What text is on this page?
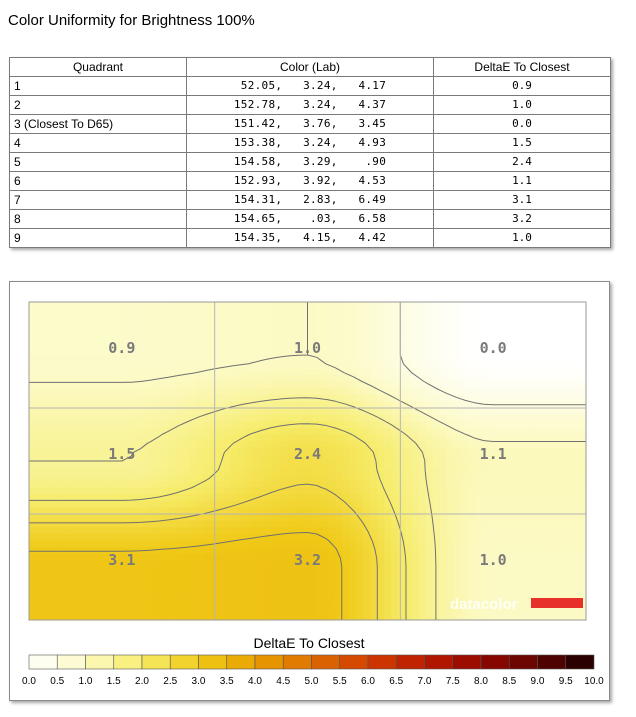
Color Uniformity for Brightness 100%
Quadrant	Color (Lab)	DeltaE To Closest
1	52.05,   3.24,   4.17	0.9
2	152.78,   3.24,   4.37	1.0
3 (Closest To D65)	151.42,   3.76,   3.45	0.0
4	153.38,   3.24,   4.93	1.5
5	154.58,   3.29,    .90	2.4
6	152.93,   3.92,   4.53	1.1
7	154.31,   2.83,   6.49	3.1
8	154.65,    .03,   6.58	3.2
9	154.35,   4.15,   4.42	1.0
0.9	1.0	0.0
1.5	2.4	1.1
3.1	3.2	1.0
datacolor
DeltaE To Closest
0.0 0.5 1.0 1.5 2.0 2.5 3.0 3.5 4.0 4.5 5.0 5.5 6.0 6.5 7.0 7.5 8.0 8.5 9.0 9.5 10.0
